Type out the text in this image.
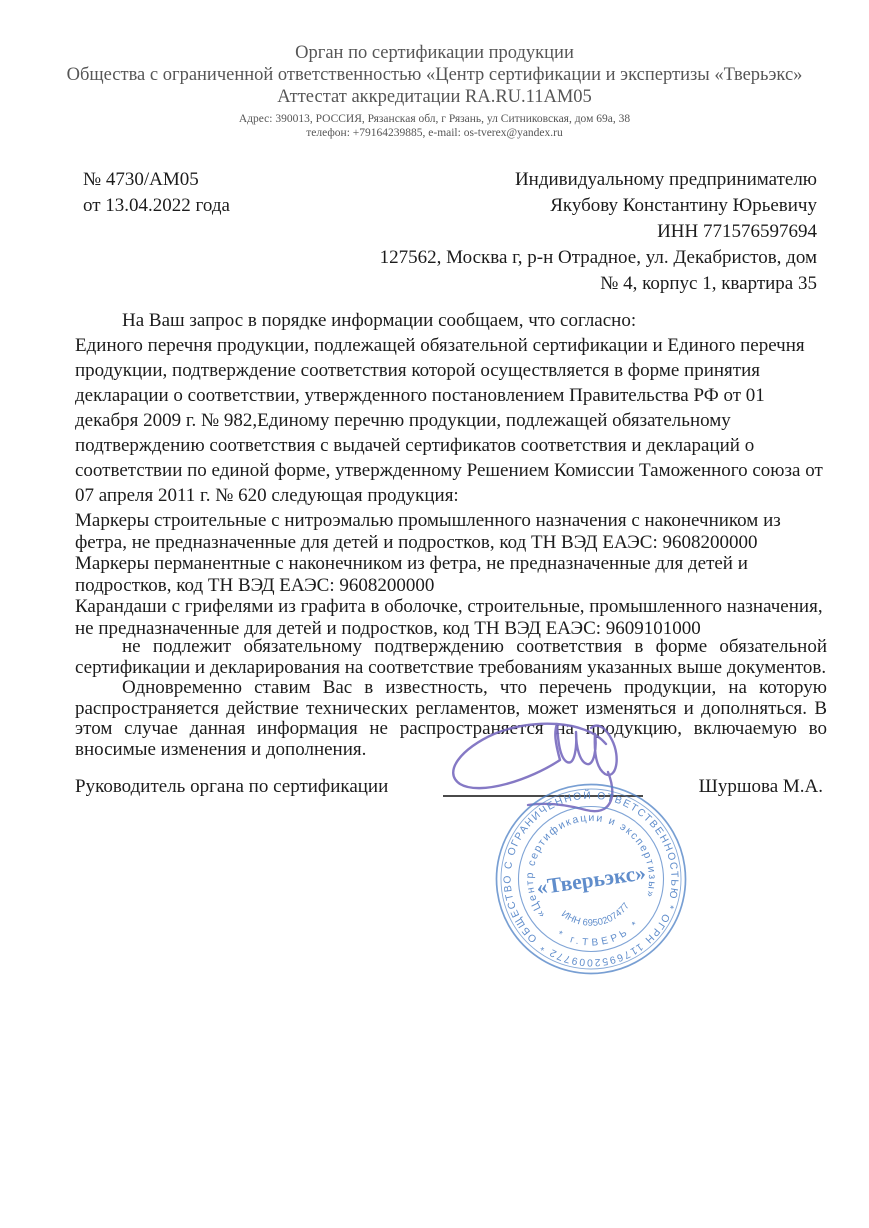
Орган по сертификации продукции
Общества с ограниченной ответственностью «Центр сертификации и экспертизы «Тверьэкс»
Аттестат аккредитации RA.RU.11АМ05
Адрес: 390013, РОССИЯ, Рязанская обл, г Рязань, ул Ситниковская, дом 69а, 38
телефон: +79164239885, e-mail: os-tverex@yandex.ru
№ 4730/АМ05
от 13.04.2022 года
Индивидуальному предпринимателю
Якубову Константину Юрьевичу
ИНН 771576597694
127562, Москва г, р-н Отрадное, ул. Декабристов, дом
№ 4, корпус 1, квартира 35
На Ваш запрос в порядке информации сообщаем, что согласно:
Единого перечня продукции, подлежащей обязательной сертификации и Единого перечня продукции, подтверждение соответствия которой осуществляется в форме принятия декларации о соответствии, утвержденного постановлением Правительства РФ от 01 декабря 2009 г. № 982,Единому перечню продукции, подлежащей обязательному подтверждению соответствия с выдачей сертификатов соответствия и деклараций о соответствии по единой форме, утвержденному Решением Комиссии Таможенного союза от 07 апреля 2011 г. № 620 следующая продукция:
Маркеры строительные с нитроэмалью промышленного назначения с наконечником из фетра, не предназначенные для детей и подростков, код ТН ВЭД ЕАЭС: 9608200000
Маркеры перманентные с наконечником из фетра, не предназначенные для детей и подростков, код ТН ВЭД ЕАЭС: 9608200000
Карандаши с грифелями из графита в оболочке, строительные, промышленного назначения, не предназначенные для детей и подростков, код ТН ВЭД ЕАЭС: 9609101000

не подлежит обязательному подтверждению соответствия в форме обязательной сертификации и декларирования на соответствие требованиям указанных выше документов.

Одновременно ставим Вас в известность, что перечень продукции, на которую распространяется действие технических регламентов, может изменяться и дополняться. В этом случае данная информация не распространяется на продукцию, включаемую во вносимые изменения и дополнения.

Руководитель органа по сертификации	Шуршова М.А.
ОБЩЕСТВО С ОГРАНИЧЕННОЙ ОТВЕТСТВЕННОСТЬЮ * ОГРН 1176952009772 *
«Центр сертификации и экспертизы»
ИНН 6950207477
* г.ТВЕРЬ *
«Тверьэкс»
